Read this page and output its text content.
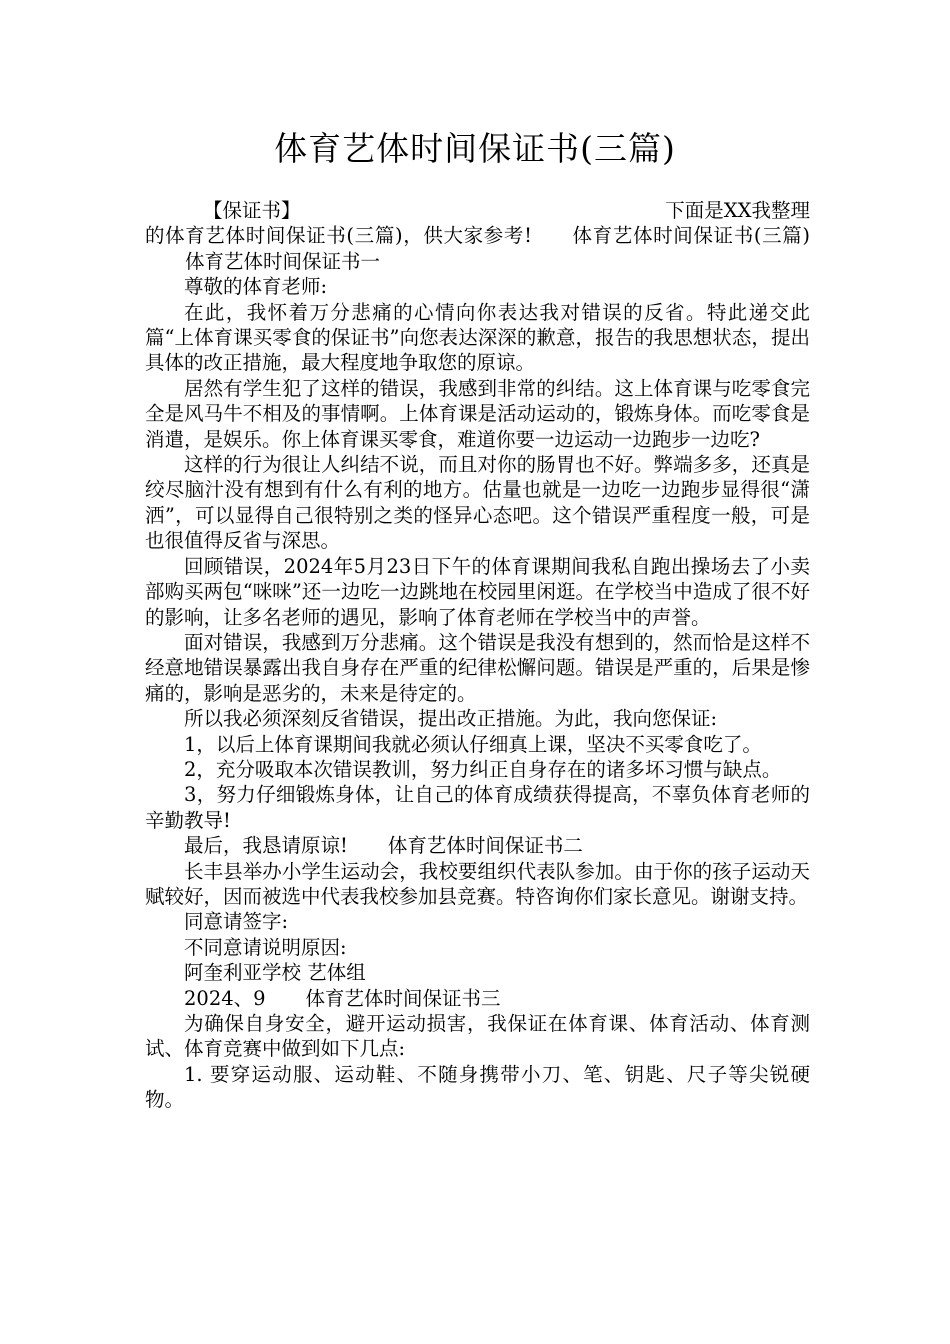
体育艺体时间保证书(三篇)
【保证书】	下面是XX我整理
的体育艺体时间保证书(三篇)，供大家参考! 体育艺体时间保证书(三篇)体育艺体时间保证书一

尊敬的体育老师:

在此，我怀着万分悲痛的心情向你表达我对错误的反省。特此递交此篇“上体育课买零食的保证书”向您表达深深的歉意，报告的我思想状态，提出具体的改正措施，最大程度地争取您的原谅。

居然有学生犯了这样的错误，我感到非常的纠结。这上体育课与吃零食完全是风马牛不相及的事情啊。上体育课是活动运动的，锻炼身体。而吃零食是消遣，是娱乐。你上体育课买零食，难道你要一边运动一边跑步一边吃?

这样的行为很让人纠结不说，而且对你的肠胃也不好。弊端多多，还真是绞尽脑汁没有想到有什么有利的地方。估量也就是一边吃一边跑步显得很“潇洒”，可以显得自己很特别之类的怪异心态吧。这个错误严重程度一般，可是也很值得反省与深思。

回顾错误，2024年5月23日下午的体育课期间我私自跑出操场去了小卖部购买两包“咪咪”还一边吃一边跳地在校园里闲逛。在学校当中造成了很不好的影响，让多名老师的遇见，影响了体育老师在学校当中的声誉。

面对错误，我感到万分悲痛。这个错误是我没有想到的，然而恰是这样不经意地错误暴露出我自身存在严重的纪律松懈问题。错误是严重的，后果是惨痛的，影响是恶劣的，未来是待定的。

所以我必须深刻反省错误，提出改正措施。为此，我向您保证:

1，以后上体育课期间我就必须认仔细真上课，坚决不买零食吃了。

2，充分吸取本次错误教训，努力纠正自身存在的诸多坏习惯与缺点。

3，努力仔细锻炼身体，让自己的体育成绩获得提高，不辜负体育老师的辛勤教导!

最后，我恳请原谅! 体育艺体时间保证书二

长丰县举办小学生运动会，我校要组织代表队参加。由于你的孩子运动天赋较好，因而被选中代表我校参加县竞赛。特咨询你们家长意见。谢谢支持。

同意请签字:

不同意请说明原因:

阿奎利亚学校 艺体组

2024、9 体育艺体时间保证书三

为确保自身安全，避开运动损害，我保证在体育课、体育活动、体育测试、体育竞赛中做到如下几点:

1. 要穿运动服、运动鞋、不随身携带小刀、笔、钥匙、尺子等尖锐硬物。
